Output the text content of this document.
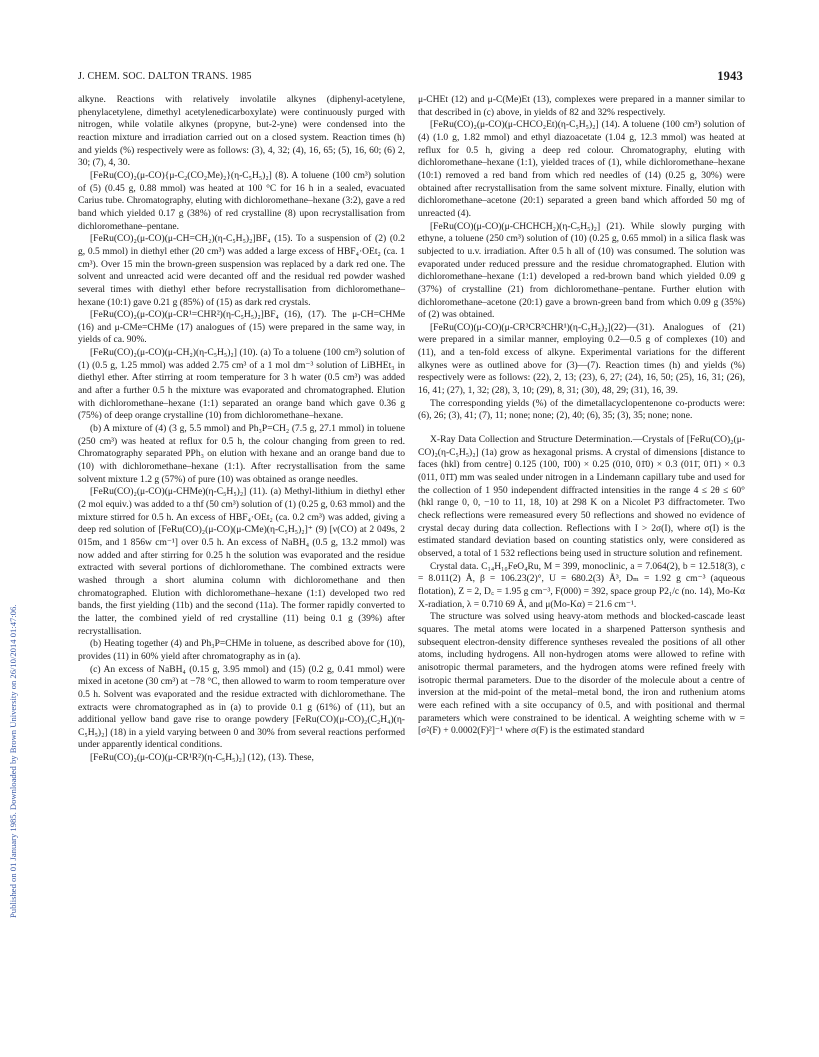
J. CHEM. SOC. DALTON TRANS. 1985	1943
Published on 01 January 1985. Downloaded by Brown University on 26/10/2014 01:47:06.

alkyne. Reactions with relatively involatile alkynes (diphenyl-acetylene, phenylacetylene, dimethyl acetylenedicarboxylate) were continuously purged with nitrogen, while volatile alkynes (propyne, but-2-yne) were condensed into the reaction mixture and irradiation carried out on a closed system. Reaction times (h) and yields (%) respectively were as follows: (3), 4, 32; (4), 16, 65; (5), 16, 60; (6) 2, 30; (7), 4, 30.

[FeRu(CO)₂(μ-CO){μ-C₂(CO₂Me)₂}(η-C₅H₅)₂] (8). A toluene (100 cm³) solution of (5) (0.45 g, 0.88 mmol) was heated at 100 °C for 16 h in a sealed, evacuated Carius tube. Chromatography, eluting with dichloromethane–hexane (3:2), gave a red band which yielded 0.17 g (38%) of red crystalline (8) upon recrystallisation from dichloromethane–pentane.

[FeRu(CO)₂(μ-CO)(μ-CH=CH₂)(η-C₅H₅)₂]BF₄ (15). To a suspension of (2) (0.2 g, 0.5 mmol) in diethyl ether (20 cm³) was added a large excess of HBF₄·OEt₂ (ca. 1 cm³). Over 15 min the brown-green suspension was replaced by a dark red one. The solvent and unreacted acid were decanted off and the residual red powder washed several times with diethyl ether before recrystallisation from dichloromethane–hexane (10:1) gave 0.21 g (85%) of (15) as dark red crystals.

[FeRu(CO)₂(μ-CO)(μ-CR¹=CHR²)(η-C₅H₅)₂]BF₄ (16), (17). The μ-CH=CHMe (16) and μ-CMe=CHMe (17) analogues of (15) were prepared in the same way, in yields of ca. 90%.

[FeRu(CO)₂(μ-CO)(μ-CH₂)(η-C₅H₅)₂] (10). (a) To a toluene (100 cm³) solution of (1) (0.5 g, 1.25 mmol) was added 2.75 cm³ of a 1 mol dm⁻³ solution of LiBHEt₃ in diethyl ether. After stirring at room temperature for 3 h water (0.5 cm³) was added and after a further 0.5 h the mixture was evaporated and chromatographed. Elution with dichloromethane–hexane (1:1) separated an orange band which gave 0.36 g (75%) of deep orange crystalline (10) from dichloromethane–hexane.

(b) A mixture of (4) (3 g, 5.5 mmol) and Ph₃P=CH₂ (7.5 g, 27.1 mmol) in toluene (250 cm³) was heated at reflux for 0.5 h, the colour changing from green to red. Chromatography separated PPh₃ on elution with hexane and an orange band due to (10) with dichloromethane–hexane (1:1). After recrystallisation from the same solvent mixture 1.2 g (57%) of pure (10) was obtained as orange needles.

[FeRu(CO)₂(μ-CO)(μ-CHMe)(η-C₅H₅)₂] (11). (a) Methyl-lithium in diethyl ether (2 mol equiv.) was added to a thf (50 cm³) solution of (1) (0.25 g, 0.63 mmol) and the mixture stirred for 0.5 h. An excess of HBF₄·OEt₂ (ca. 0.2 cm³) was added, giving a deep red solution of [FeRu(CO)₂(μ-CO)(μ-CMe)(η-C₅H₅)₂]⁺ (9) [ν(CO) at 2 049s, 2 015m, and 1 856w cm⁻¹] over 0.5 h. An excess of NaBH₄ (0.5 g, 13.2 mmol) was now added and after stirring for 0.25 h the solution was evaporated and the residue extracted with several portions of dichloromethane. The combined extracts were washed through a short alumina column with dichloromethane and then chromatographed. Elution with dichloromethane–hexane (1:1) developed two red bands, the first yielding (11b) and the second (11a). The former rapidly converted to the latter, the combined yield of red crystalline (11) being 0.1 g (39%) after recrystallisation.

(b) Heating together (4) and Ph₃P=CHMe in toluene, as described above for (10), provides (11) in 60% yield after chromatography as in (a).

(c) An excess of NaBH₄ (0.15 g, 3.95 mmol) and (15) (0.2 g, 0.41 mmol) were mixed in acetone (30 cm³) at −78 °C, then allowed to warm to room temperature over 0.5 h. Solvent was evaporated and the residue extracted with dichloromethane. The extracts were chromatographed as in (a) to provide 0.1 g (61%) of (11), but an additional yellow band gave rise to orange powdery [FeRu(CO)(μ-CO)₂(C₂H₄)(η-C₅H₅)₂] (18) in a yield varying between 0 and 30% from several reactions performed under apparently identical conditions.

[FeRu(CO)₂(μ-CO)(μ-CR¹R²)(η-C₅H₅)₂] (12), (13). These,

μ-CHEt (12) and μ-C(Me)Et (13), complexes were prepared in a manner similar to that described in (c) above, in yields of 82 and 32% respectively.

[FeRu(CO)₂(μ-CO)(μ-CHCO₂Et)(η-C₅H₅)₂] (14). A toluene (100 cm³) solution of (4) (1.0 g, 1.82 mmol) and ethyl diazoacetate (1.04 g, 12.3 mmol) was heated at reflux for 0.5 h, giving a deep red colour. Chromatography, eluting with dichloromethane–hexane (1:1), yielded traces of (1), while dichloromethane–hexane (10:1) removed a red band from which red needles of (14) (0.25 g, 30%) were obtained after recrystallisation from the same solvent mixture. Finally, elution with dichloromethane–acetone (20:1) separated a green band which afforded 50 mg of unreacted (4).

[FeRu(CO)(μ-CO)(μ-CHCHCH₂)(η-C₅H₅)₂] (21). While slowly purging with ethyne, a toluene (250 cm³) solution of (10) (0.25 g, 0.65 mmol) in a silica flask was subjected to u.v. irradiation. After 0.5 h all of (10) was consumed. The solution was evaporated under reduced pressure and the residue chromatographed. Elution with dichloromethane–hexane (1:1) developed a red-brown band which yielded 0.09 g (37%) of crystalline (21) from dichloromethane–pentane. Further elution with dichloromethane–acetone (20:1) gave a brown-green band from which 0.09 g (35%) of (2) was obtained.

[FeRu(CO)(μ-CO)(μ-CR³CR²CHR¹)(η-C₅H₅)₂](22)—(31). Analogues of (21) were prepared in a similar manner, employing 0.2—0.5 g of complexes (10) and (11), and a ten-fold excess of alkyne. Experimental variations for the different alkynes were as outlined above for (3)—(7). Reaction times (h) and yields (%) respectively were as follows: (22), 2, 13; (23), 6, 27; (24), 16, 50; (25), 16, 31; (26), 16, 41; (27), 1, 32; (28), 3, 10; (29), 8, 31; (30), 48, 29; (31), 16, 39.

The corresponding yields (%) of the dimetallacyclopentenone co-products were: (6), 26; (3), 41; (7), 11; none; none; (2), 40; (6), 35; (3), 35; none; none.

X-Ray Data Collection and Structure Determination.—Crystals of [FeRu(CO)₂(μ-CO)₂(η-C₅H₅)₂] (1a) grow as hexagonal prisms. A crystal of dimensions [distance to faces (hkl) from centre] 0.125 (100, 1̄00) × 0.25 (010, 01̄0) × 0.3 (011̄, 01̄1) × 0.3 (011, 01̄1̄) mm was sealed under nitrogen in a Lindemann capillary tube and used for the collection of 1 950 independent diffracted intensities in the range 4 ≤ 2θ ≤ 60° (hkl range 0, 0, −10 to 11, 18, 10) at 298 K on a Nicolet P3 diffractometer. Two check reflections were remeasured every 50 reflections and showed no evidence of crystal decay during data collection. Reflections with I > 2σ(I), where σ(I) is the estimated standard deviation based on counting statistics only, were considered as observed, a total of 1 532 reflections being used in structure solution and refinement.

Crystal data. C₁₄H₁₀FeO₄Ru, M = 399, monoclinic, a = 7.064(2), b = 12.518(3), c = 8.011(2) Å, β = 106.23(2)°, U = 680.2(3) Å³, Dₘ = 1.92 g cm⁻³ (aqueous flotation), Z = 2, D꜀ = 1.95 g cm⁻³, F(000) = 392, space group P2₁/c (no. 14), Mo-Kα X-radiation, λ = 0.710 69 Å, and μ(Mo-Kα) = 21.6 cm⁻¹.

The structure was solved using heavy-atom methods and blocked-cascade least squares. The metal atoms were located in a sharpened Patterson synthesis and subsequent electron-density difference syntheses revealed the positions of all other atoms, including hydrogens. All non-hydrogen atoms were allowed to refine with anisotropic thermal parameters, and the hydrogen atoms were refined freely with isotropic thermal parameters. Due to the disorder of the molecule about a centre of inversion at the mid-point of the metal–metal bond, the iron and ruthenium atoms were each refined with a site occupancy of 0.5, and with positional and thermal parameters which were constrained to be identical. A weighting scheme with w = [σ²(F) + 0.0002(F)²]⁻¹ where σ(F) is the estimated standard
